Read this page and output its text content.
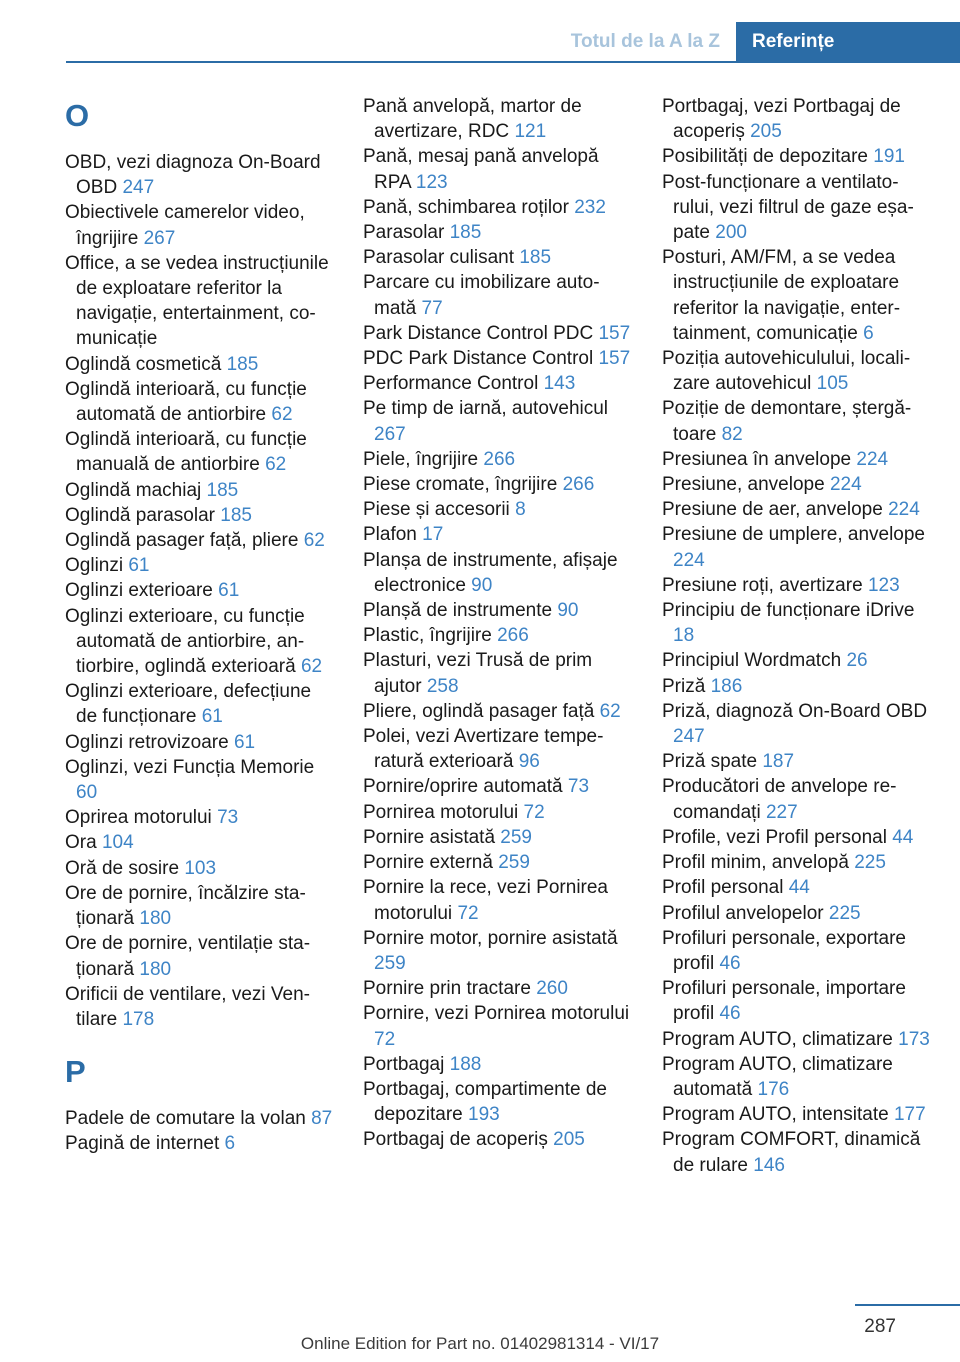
Totul de la A la Z	Referințe
O

OBD, vezi diagnoza On-Board OBD 247

Obiectivele camerelor video, îngrijire 267

Office, a se vedea instrucțiunile de exploatare referitor la navigație, entertainment, comunicație

Oglindă cosmetică 185

Oglindă interioară, cu funcție automată de antiorbire 62

Oglindă interioară, cu funcție manuală de antiorbire 62

Oglindă machiaj 185

Oglindă parasolar 185

Oglindă pasager față, pliere 62

Oglinzi 61

Oglinzi exterioare 61

Oglinzi exterioare, cu funcție automată de antiorbire, antiorbire, oglindă exterioară 62

Oglinzi exterioare, defecțiune de funcționare 61

Oglinzi retrovizoare 61

Oglinzi, vezi Funcția Memorie 60

Oprirea motorului 73

Ora 104

Oră de sosire 103

Ore de pornire, încălzire staționară 180

Ore de pornire, ventilație staționară 180

Orificii de ventilare, vezi Ventilare 178

P

Padele de comutare la volan 87

Pagină de internet 6

Pană anvelopă, martor de avertizare, RDC 121

Pană, mesaj pană anvelopă RPA 123

Pană, schimbarea roților 232

Parasolar 185

Parasolar culisant 185

Parcare cu imobilizare automată 77

Park Distance Control PDC 157

PDC Park Distance Control 157

Performance Control 143

Pe timp de iarnă, autovehicul 267

Piele, îngrijire 266

Piese cromate, îngrijire 266

Piese și accesorii 8

Plafon 17

Planșa de instrumente, afișaje electronice 90

Planșă de instrumente 90

Plastic, îngrijire 266

Plasturi, vezi Trusă de prim ajutor 258

Pliere, oglindă pasager față 62

Polei, vezi Avertizare temperatură exterioară 96

Pornire/oprire automată 73

Pornirea motorului 72

Pornire asistată 259

Pornire externă 259

Pornire la rece, vezi Pornirea motorului 72

Pornire motor, pornire asistată 259

Pornire prin tractare 260

Pornire, vezi Pornirea motorului 72

Portbagaj 188

Portbagaj, compartimente de depozitare 193

Portbagaj de acoperiș 205

Portbagaj, vezi Portbagaj de acoperiș 205

Posibilități de depozitare 191

Post-funcționare a ventilatorului, vezi filtrul de gaze eșapate 200

Posturi, AM/FM, a se vedea instrucțiunile de exploatare referitor la navigație, entertainment, comunicație 6

Poziția autovehiculului, localizare autovehicul 105

Poziție de demontare, ștergătoare 82

Presiunea în anvelope 224

Presiune, anvelope 224

Presiune de aer, anvelope 224

Presiune de umplere, anvelope 224

Presiune roți, avertizare 123

Principiu de funcționare iDrive 18

Principiul Wordmatch 26

Priză 186

Priză, diagnoză On-Board OBD 247

Priză spate 187

Producători de anvelope recomandați 227

Profile, vezi Profil personal 44

Profil minim, anvelopă 225

Profil personal 44

Profilul anvelopelor 225

Profiluri personale, exportare profil 46

Profiluri personale, importare profil 46

Program AUTO, climatizare 173

Program AUTO, climatizare automată 176

Program AUTO, intensitate 177

Program COMFORT, dinamică de rulare 146

287
Online Edition for Part no. 01402981314 - VI/17
